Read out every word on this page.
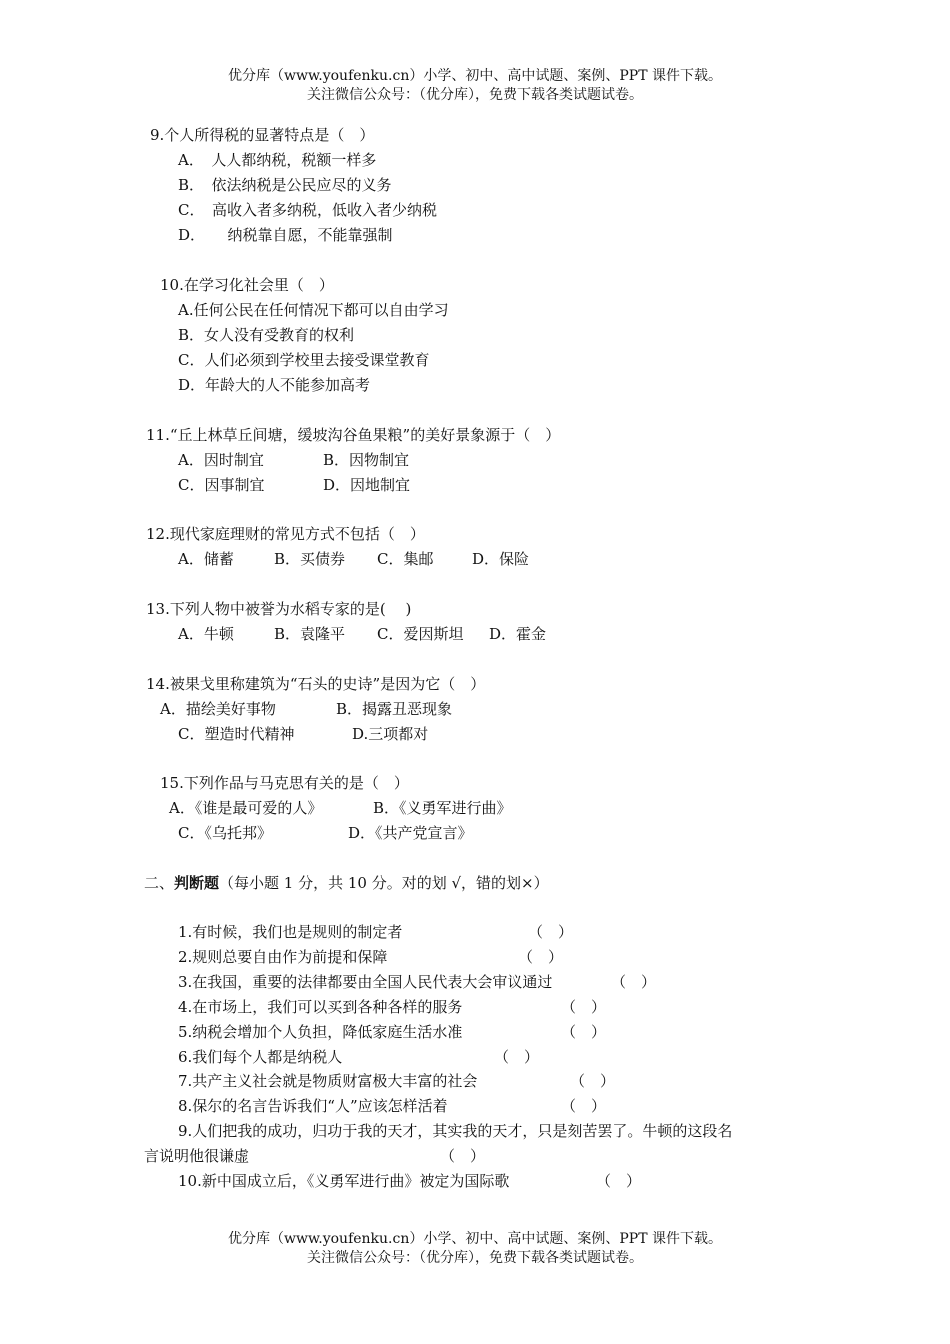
优分库（www.youfenku.cn）小学、初中、高中试题、案例、PPT 课件下载。
关注微信公众号：（优分库），免费下载各类试题试卷。
9.个人所得税的显著特点是（　）
A．　人人都纳税，税额一样多
B．　依法纳税是公民应尽的义务
C．　高收入者多纳税，低收入者少纳税
D．　　纳税靠自愿，不能靠强制
10.在学习化社会里（　）
A.任何公民在任何情况下都可以自由学习
B．女人没有受教育的权利
C．人们必须到学校里去接受课堂教育
D．年龄大的人不能参加高考
11.“丘上林草丘间塘，缓坡沟谷鱼果粮”的美好景象源于（　）
A．因时制宜	B．因物制宜
C．因事制宜	D．因地制宜
12.现代家庭理财的常见方式不包括（　）
A．储蓄	B．买债券 C．集邮	D．保险
13.下列人物中被誉为水稻专家的是(　 )
A．牛顿	B．袁隆平 C．爱因斯坦 D．霍金
14.被果戈里称建筑为“石头的史诗”是因为它（　）
A．描绘美好事物	B．揭露丑恶现象
C．塑造时代精神	D.三项都对
15.下列作品与马克思有关的是（　）
A．《谁是最可爱的人》	B．《义勇军进行曲》
C．《乌托邦》	D．《共产党宣言》
二、判断题（每小题 1 分，共 10 分。对的划 √，错的划×）
1.有时候，我们也是规则的制定者	（　）
2.规则总要自由作为前提和保障	（　）
3.在我国，重要的法律都要由全国人民代表大会审议通过	（　）
4.在市场上，我们可以买到各种各样的服务	（　）
5.纳税会增加个人负担，降低家庭生活水准	（　）
6.我们每个人都是纳税人	（　）
7.共产主义社会就是物质财富极大丰富的社会	（　）
8.保尔的名言告诉我们“人”应该怎样活着	（　）
9.人们把我的成功，归功于我的天才，其实我的天才，只是刻苦罢了。牛顿的这段名
言说明他很谦虚	（　）
10.新中国成立后，《义勇军进行曲》被定为国际歌	（　）
优分库（www.youfenku.cn）小学、初中、高中试题、案例、PPT 课件下载。
关注微信公众号：（优分库），免费下载各类试题试卷。
